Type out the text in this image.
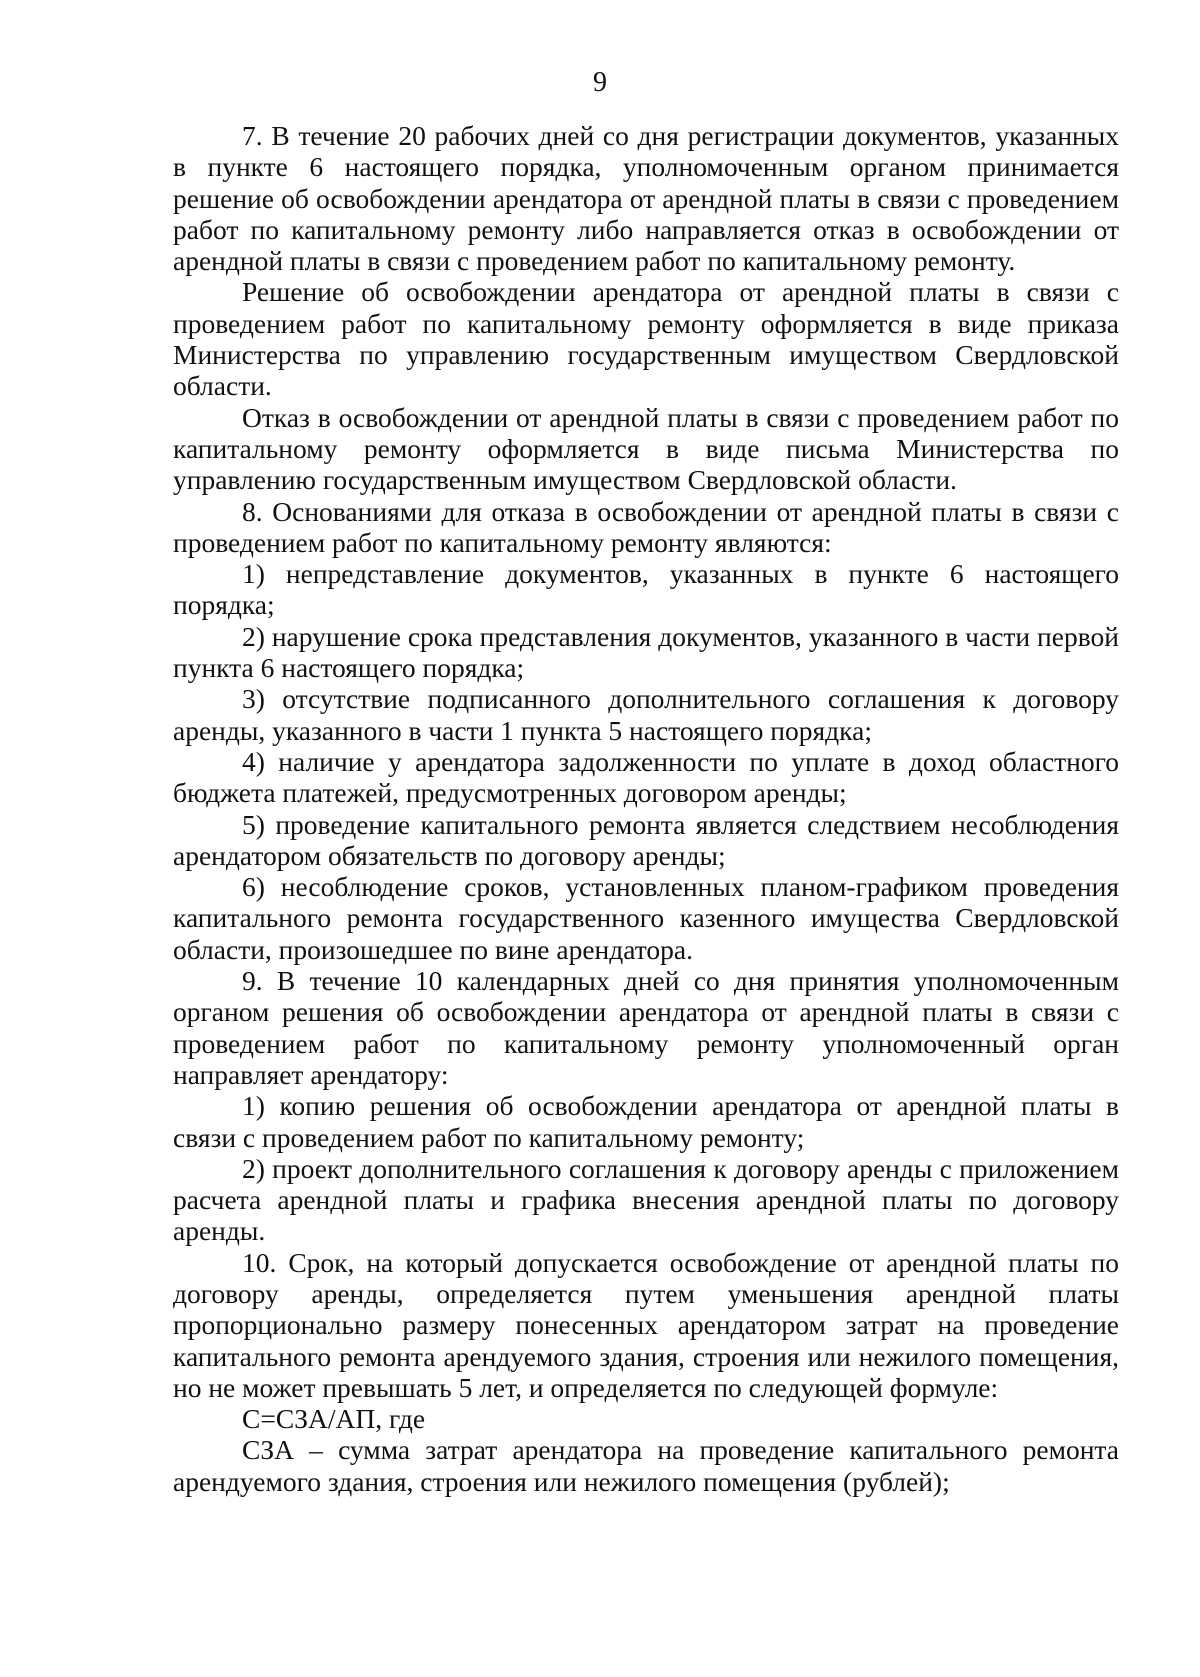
9

7. В течение 20 рабочих дней со дня регистрации документов, указанных в пункте 6 настоящего порядка, уполномоченным органом принимается решение об освобождении арендатора от арендной платы в связи с проведением работ по капитальному ремонту либо направляется отказ в освобождении от арендной платы в связи с проведением работ по капитальному ремонту.

Решение об освобождении арендатора от арендной платы в связи с проведением работ по капитальному ремонту оформляется в виде приказа Министерства по управлению государственным имуществом Свердловской области.

Отказ в освобождении от арендной платы в связи с проведением работ по капитальному ремонту оформляется в виде письма Министерства по управлению государственным имуществом Свердловской области.

8. Основаниями для отказа в освобождении от арендной платы в связи с проведением работ по капитальному ремонту являются:

1) непредставление документов, указанных в пункте 6 настоящего порядка;

2) нарушение срока представления документов, указанного в части первой пункта 6 настоящего порядка;

3) отсутствие подписанного дополнительного соглашения к договору аренды, указанного в части 1 пункта 5 настоящего порядка;

4) наличие у арендатора задолженности по уплате в доход областного бюджета платежей, предусмотренных договором аренды;

5) проведение капитального ремонта является следствием несоблюдения арендатором обязательств по договору аренды;

6) несоблюдение сроков, установленных планом-графиком проведения капитального ремонта государственного казенного имущества Свердловской области, произошедшее по вине арендатора.

9. В течение 10 календарных дней со дня принятия уполномоченным органом решения об освобождении арендатора от арендной платы в связи с проведением работ по капитальному ремонту уполномоченный орган направляет арендатору:

1) копию решения об освобождении арендатора от арендной платы в связи с проведением работ по капитальному ремонту;

2) проект дополнительного соглашения к договору аренды с приложением расчета арендной платы и графика внесения арендной платы по договору аренды.

10. Срок, на который допускается освобождение от арендной платы по договору аренды, определяется путем уменьшения арендной платы пропорционально размеру понесенных арендатором затрат на проведение капитального ремонта арендуемого здания, строения или нежилого помещения, но не может превышать 5 лет, и определяется по следующей формуле:

С=СЗА/АП, где

СЗА – сумма затрат арендатора на проведение капитального ремонта арендуемого здания, строения или нежилого помещения (рублей);
